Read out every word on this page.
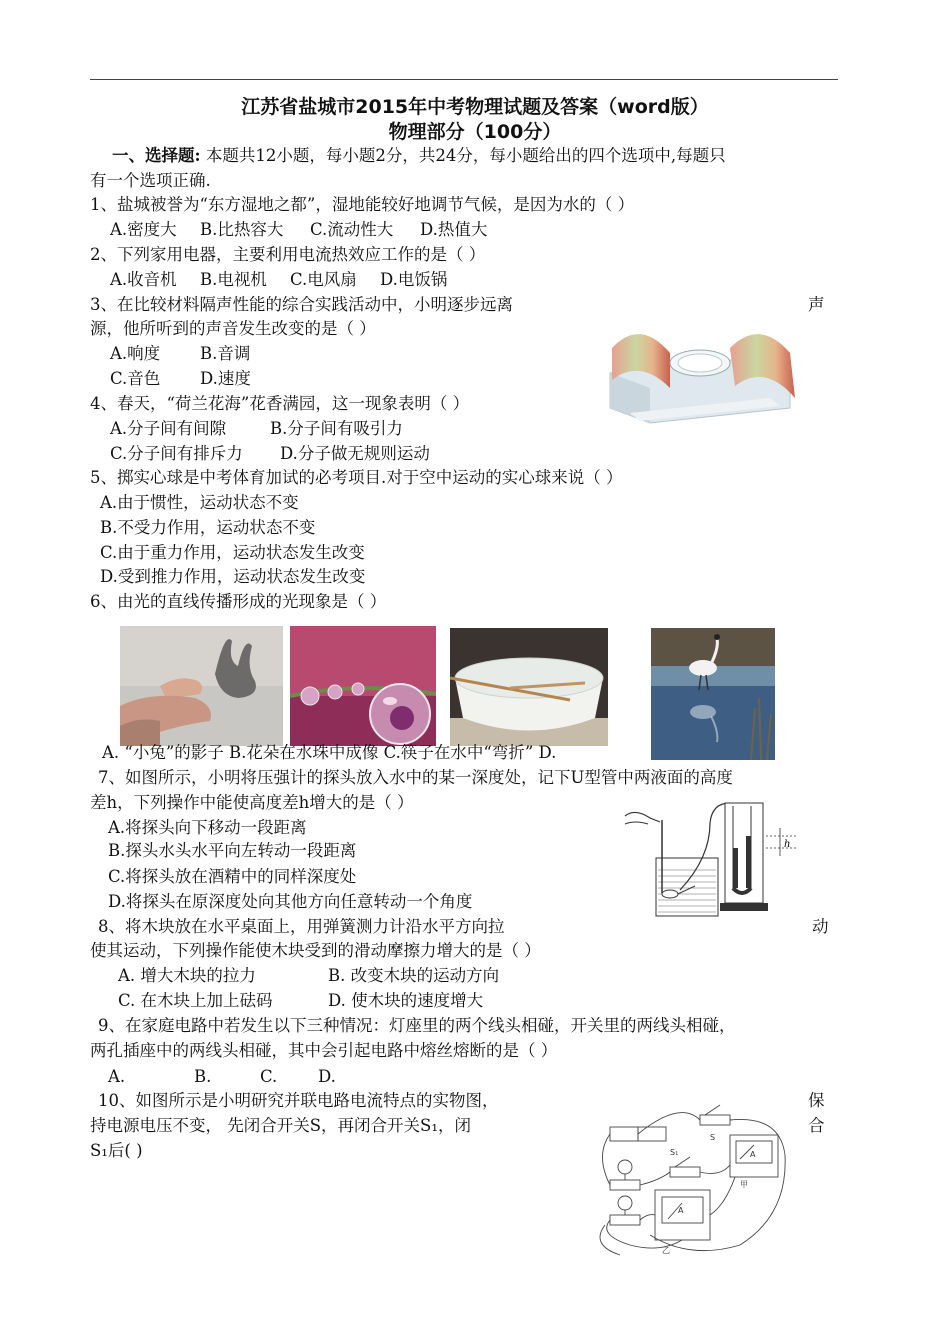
江苏省盐城市2015年中考物理试题及答案（word版）
物理部分（100分）
一、选择题: 本题共12小题，每小题2分，共24分，每小题给出的四个选项中,每题只
有一个选项正确.
1、盐城被誉为“东方湿地之都”，湿地能较好地调节气候，是因为水的（ ）
A.密度大 B.比热容大 C.流动性大 D.热值大
2、下列家用电器，主要利用电流热效应工作的是（ ）
A.收音机 B.电视机 C.电风扇 D.电饭锅
3、在比较材料隔声性能的综合实践活动中，小明逐步远离	声
源，他所听到的声音发生改变的是（ ）
A.响度 B.音调
C.音色 D.速度
4、春天，“荷兰花海”花香满园，这一现象表明（ ）
A.分子间有间隙	B.分子间有吸引力
C.分子间有排斥力 D.分子做无规则运动
5、掷实心球是中考体育加试的必考项目.对于空中运动的实心球来说（ ）
A.由于惯性，运动状态不变
B.不受力作用，运动状态不变
C.由于重力作用，运动状态发生改变
D.受到推力作用，运动状态发生改变
6、由光的直线传播形成的光现象是（ ）
A. “小兔”的影子 B.花朵在水珠中成像 C.筷子在水中“弯折” D.
7、如图所示，小明将压强计的探头放入水中的某一深度处，记下U型管中两液面的高度
差h，下列操作中能使高度差h增大的是（ ）
A.将探头向下移动一段距离
B.探头水头水平向左转动一段距离
C.将探头放在酒精中的同样深度处
D.将探头在原深度处向其他方向任意转动一个角度
h
8、将木块放在水平桌面上，用弹簧测力计沿水平方向拉	动
使其运动，下列操作能使木块受到的滑动摩擦力增大的是（ ）
A. 增大木块的拉力	B. 改变木块的运动方向
C. 在木块上加上砝码	D. 使木块的速度增大
9、在家庭电路中若发生以下三种情况：灯座里的两个线头相碰，开关里的两线头相碰，
两孔插座中的两线头相碰，其中会引起电路中熔丝熔断的是（ ）
A.	B.	C. D.
10、如图所示是小明研究并联电路电流特点的实物图，	保
持电源电压不变， 先闭合开关S，再闭合开关S₁，闭	合
S₁后( )
S
S₁	A
A
甲
乙
